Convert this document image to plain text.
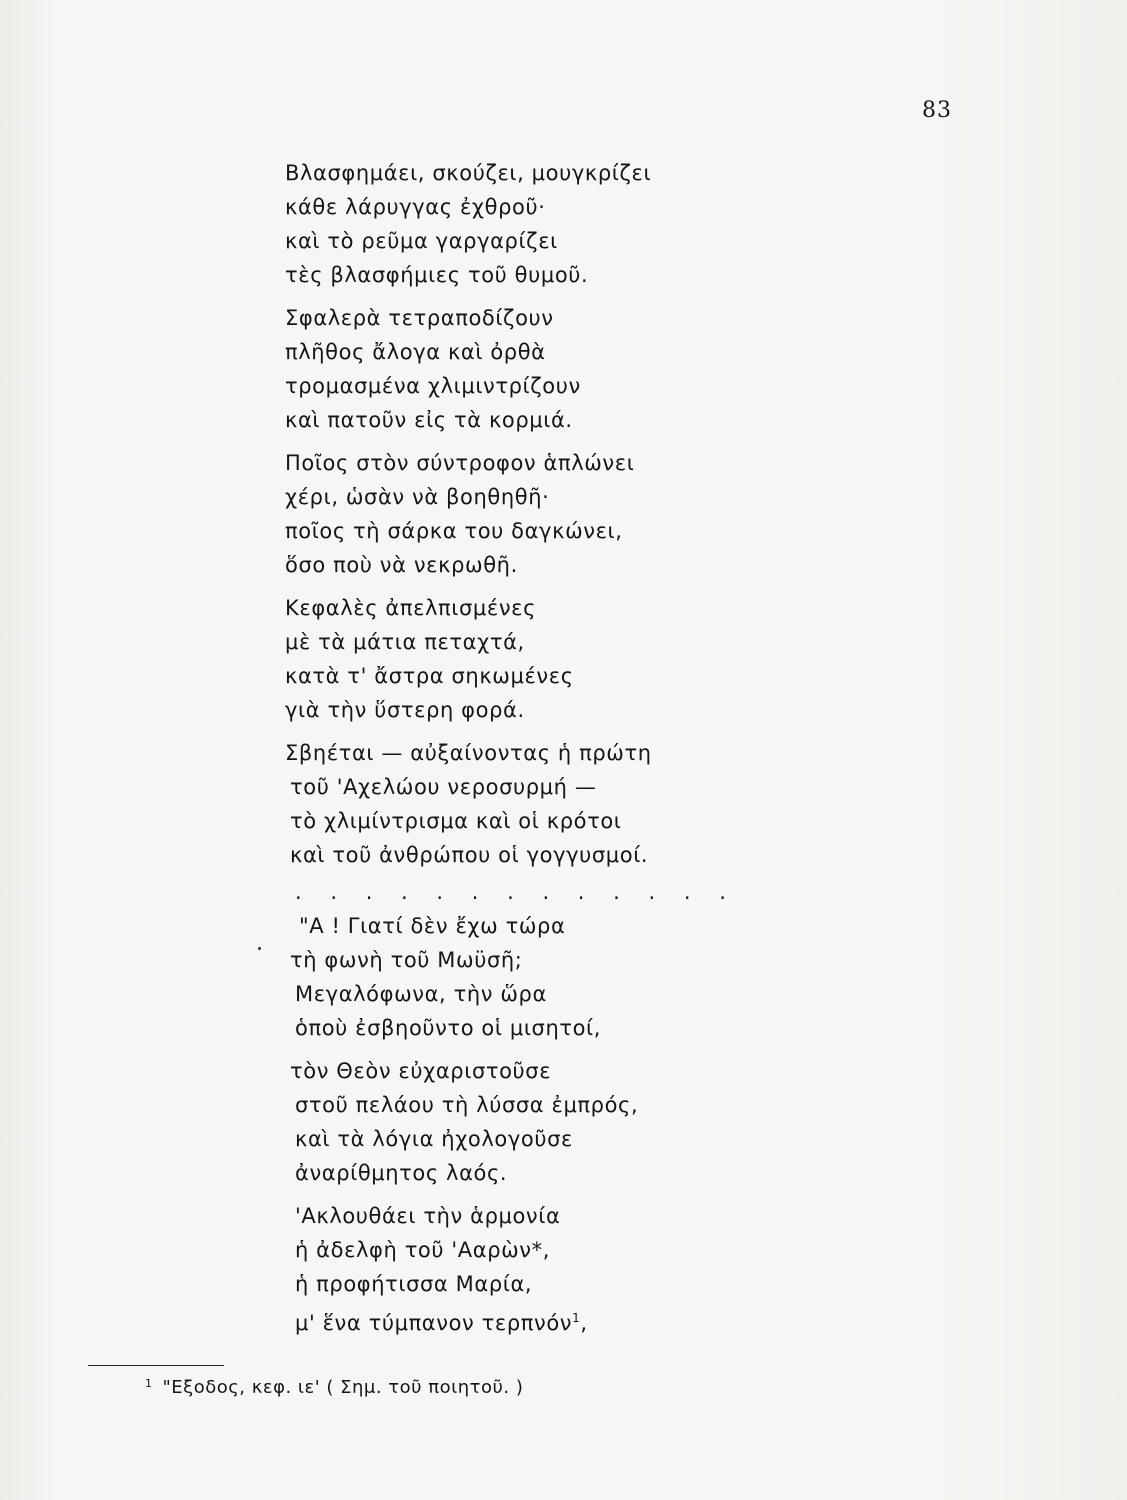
83
Βλασφημάει, σκούζει, μουγκρίζει
κάθε λάρυγγας ἐχθροῦ·
καὶ τὸ ρεῦμα γαργαρίζει
τὲς βλασφήμιες τοῦ θυμοῦ.
Σφαλερὰ τετραποδίζουν
πλῆθος ἄλογα καὶ ὀρθὰ
τρομασμένα χλιμιντρίζουν
καὶ πατοῦν εἰς τὰ κορμιά.
Ποῖος στὸν σύντροφον ἁπλώνει
χέρι, ὡσὰν νὰ βοηθηθῆ·
ποῖος τὴ σάρκα του δαγκώνει,
ὅσο ποὺ νὰ νεκρωθῆ.
Κεφαλὲς ἀπελπισμένες
μὲ τὰ μάτια πεταχτά,
κατὰ τ' ἄστρα σηκωμένες
γιὰ τὴν ὕστερη φορά.
Σβηέται — αὐξαίνοντας ἡ πρώτη
τοῦ 'Αχελώου νεροσυρμή —
τὸ χλιμίντρισμα καὶ οἱ κρότοι
καὶ τοῦ ἀνθρώπου οἱ γογγυσμοί.
. . . . . . . . . . . . .
"Α ! Γιατί δὲν ἔχω τώρα
τὴ φωνὴ τοῦ Μωϋσῆ;
Μεγαλόφωνα, τὴν ὥρα
ὁποὺ ἐσβηοῦντο οἱ μισητοί,
τὸν Θεὸν εὐχαριστοῦσε
στοῦ πελάου τὴ λύσσα ἐμπρός,
καὶ τὰ λόγια ἠχολογοῦσε
ἀναρίθμητος λαός.
'Ακλουθάει τὴν ἁρμονία
ἡ ἀδελφὴ τοῦ 'Ααρὼν*,
ἡ προφήτισσα Μαρία,
μ' ἕνα τύμπανον τερπνόν$^1$,
$^1$ "Εξοδος, κεφ. ιε' ( Σημ. τοῦ ποιητοῦ. )
